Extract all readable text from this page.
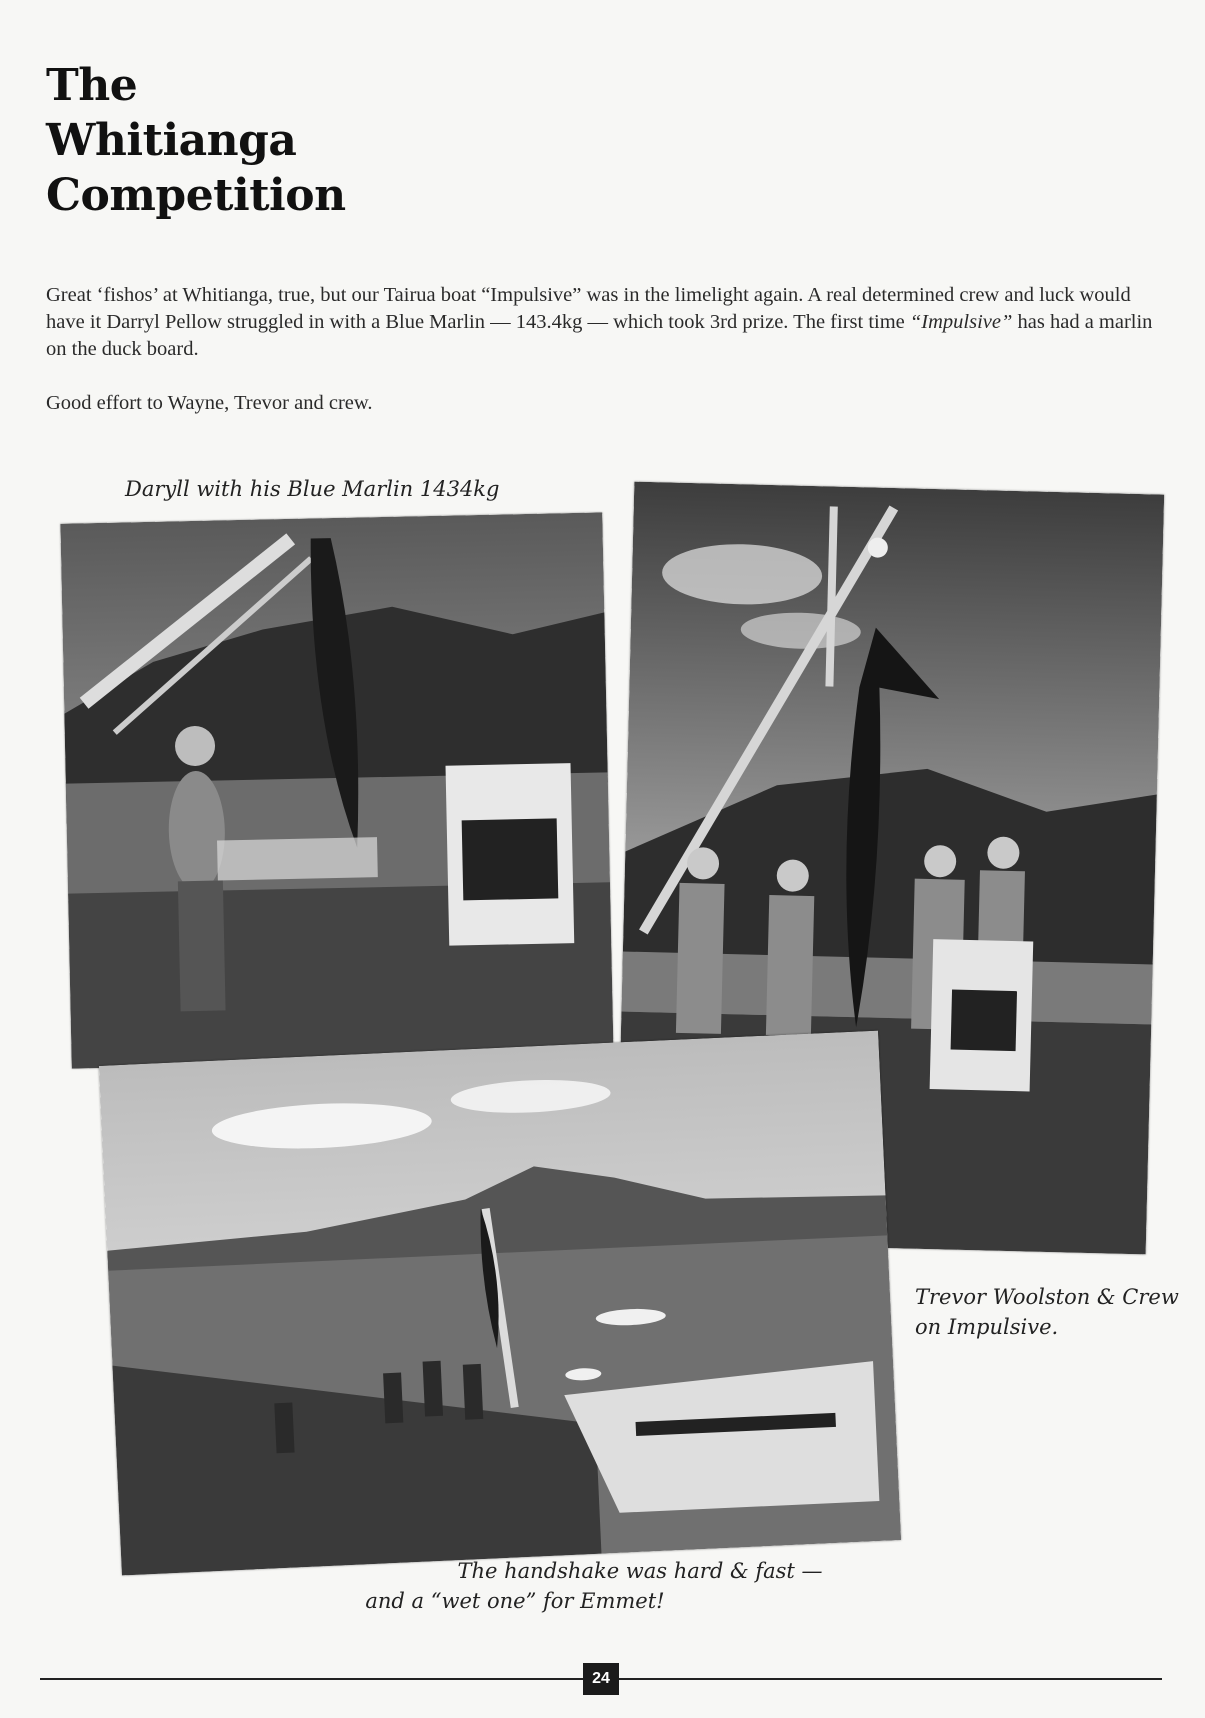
The
Whitianga
Competition

Great ‘fishos’ at Whitianga, true, but our Tairua boat “Impulsive” was in the limelight again. A real determined crew and luck would have it Darryl Pellow struggled in with a Blue Marlin — 143.4kg — which took 3rd prize. The first time “Impulsive” has had a marlin on the duck board.

Good effort to Wayne, Trevor and crew.

Daryll with his Blue Marlin 1434kg
Trevor Woolston & Crew
on Impulsive.
The handshake was hard & fast —
and a “wet one” for Emmet!
24
